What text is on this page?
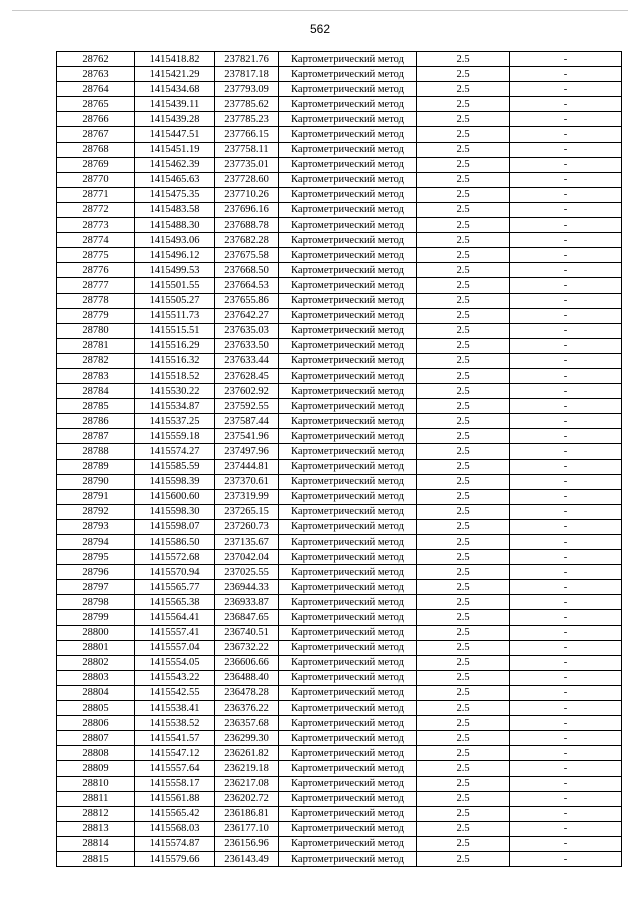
562
28762	1415418.82	237821.76	Картометрический метод	2.5	-
28763	1415421.29	237817.18	Картометрический метод	2.5	-
28764	1415434.68	237793.09	Картометрический метод	2.5	-
28765	1415439.11	237785.62	Картометрический метод	2.5	-
28766	1415439.28	237785.23	Картометрический метод	2.5	-
28767	1415447.51	237766.15	Картометрический метод	2.5	-
28768	1415451.19	237758.11	Картометрический метод	2.5	-
28769	1415462.39	237735.01	Картометрический метод	2.5	-
28770	1415465.63	237728.60	Картометрический метод	2.5	-
28771	1415475.35	237710.26	Картометрический метод	2.5	-
28772	1415483.58	237696.16	Картометрический метод	2.5	-
28773	1415488.30	237688.78	Картометрический метод	2.5	-
28774	1415493.06	237682.28	Картометрический метод	2.5	-
28775	1415496.12	237675.58	Картометрический метод	2.5	-
28776	1415499.53	237668.50	Картометрический метод	2.5	-
28777	1415501.55	237664.53	Картометрический метод	2.5	-
28778	1415505.27	237655.86	Картометрический метод	2.5	-
28779	1415511.73	237642.27	Картометрический метод	2.5	-
28780	1415515.51	237635.03	Картометрический метод	2.5	-
28781	1415516.29	237633.50	Картометрический метод	2.5	-
28782	1415516.32	237633.44	Картометрический метод	2.5	-
28783	1415518.52	237628.45	Картометрический метод	2.5	-
28784	1415530.22	237602.92	Картометрический метод	2.5	-
28785	1415534.87	237592.55	Картометрический метод	2.5	-
28786	1415537.25	237587.44	Картометрический метод	2.5	-
28787	1415559.18	237541.96	Картометрический метод	2.5	-
28788	1415574.27	237497.96	Картометрический метод	2.5	-
28789	1415585.59	237444.81	Картометрический метод	2.5	-
28790	1415598.39	237370.61	Картометрический метод	2.5	-
28791	1415600.60	237319.99	Картометрический метод	2.5	-
28792	1415598.30	237265.15	Картометрический метод	2.5	-
28793	1415598.07	237260.73	Картометрический метод	2.5	-
28794	1415586.50	237135.67	Картометрический метод	2.5	-
28795	1415572.68	237042.04	Картометрический метод	2.5	-
28796	1415570.94	237025.55	Картометрический метод	2.5	-
28797	1415565.77	236944.33	Картометрический метод	2.5	-
28798	1415565.38	236933.87	Картометрический метод	2.5	-
28799	1415564.41	236847.65	Картометрический метод	2.5	-
28800	1415557.41	236740.51	Картометрический метод	2.5	-
28801	1415557.04	236732.22	Картометрический метод	2.5	-
28802	1415554.05	236606.66	Картометрический метод	2.5	-
28803	1415543.22	236488.40	Картометрический метод	2.5	-
28804	1415542.55	236478.28	Картометрический метод	2.5	-
28805	1415538.41	236376.22	Картометрический метод	2.5	-
28806	1415538.52	236357.68	Картометрический метод	2.5	-
28807	1415541.57	236299.30	Картометрический метод	2.5	-
28808	1415547.12	236261.82	Картометрический метод	2.5	-
28809	1415557.64	236219.18	Картометрический метод	2.5	-
28810	1415558.17	236217.08	Картометрический метод	2.5	-
28811	1415561.88	236202.72	Картометрический метод	2.5	-
28812	1415565.42	236186.81	Картометрический метод	2.5	-
28813	1415568.03	236177.10	Картометрический метод	2.5	-
28814	1415574.87	236156.96	Картометрический метод	2.5	-
28815	1415579.66	236143.49	Картометрический метод	2.5	-
